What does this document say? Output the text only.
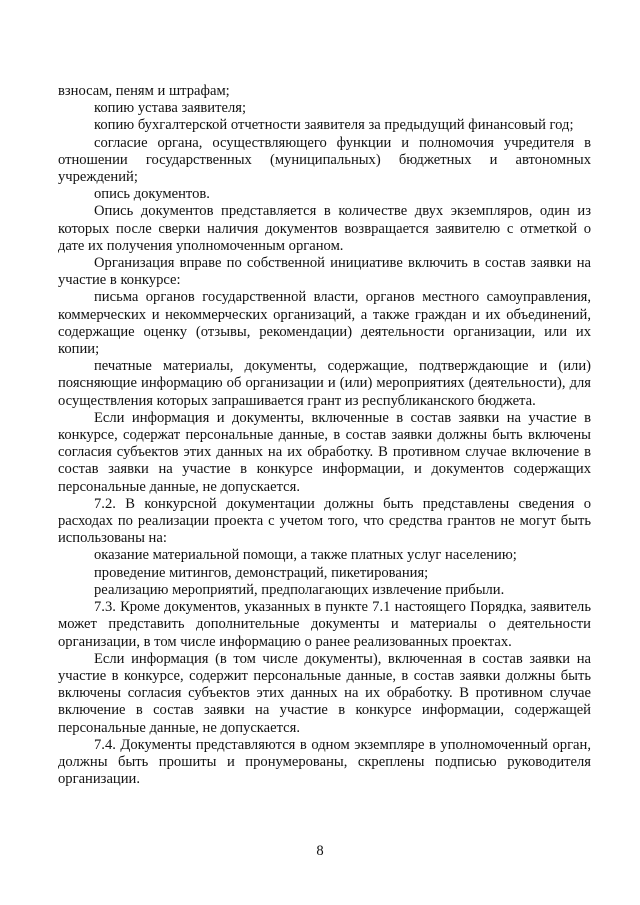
взносам, пеням и штрафам;

копию устава заявителя;

копию бухгалтерской отчетности заявителя за предыдущий финансовый год;

согласие органа, осуществляющего функции и полномочия учредителя в отношении государственных (муниципальных) бюджетных и автономных учреждений;

опись документов.

Опись документов представляется в количестве двух экземпляров, один из которых после сверки наличия документов возвращается заявителю с отметкой о дате их получения уполномоченным органом.

Организация вправе по собственной инициативе включить в состав заявки на участие в конкурсе:

письма органов государственной власти, органов местного самоуправления, коммерческих и некоммерческих организаций, а также граждан и их объединений, содержащие оценку (отзывы, рекомендации) деятельности организации, или их копии;

печатные материалы, документы, содержащие, подтверждающие и (или) поясняющие информацию об организации и (или) мероприятиях (деятельности), для осуществления которых запрашивается грант из республиканского бюджета.

Если информация и документы, включенные в состав заявки на участие в конкурсе, содержат персональные данные, в состав заявки должны быть включены согласия субъектов этих данных на их обработку. В противном случае включение в состав заявки на участие в конкурсе информации, и документов содержащих персональные данные, не допускается.

7.2. В конкурсной документации должны быть представлены сведения о расходах по реализации проекта с учетом того, что средства грантов не могут быть использованы на:

оказание материальной помощи, а также платных услуг населению;

проведение митингов, демонстраций, пикетирования;

реализацию мероприятий, предполагающих извлечение прибыли.

7.3. Кроме документов, указанных в пункте 7.1 настоящего Порядка, заявитель может представить дополнительные документы и материалы о деятельности организации, в том числе информацию о ранее реализованных проектах.

Если информация (в том числе документы), включенная в состав заявки на участие в конкурсе, содержит персональные данные, в состав заявки должны быть включены согласия субъектов этих данных на их обработку. В противном случае включение в состав заявки на участие в конкурсе информации, содержащей персональные данные, не допускается.

7.4. Документы представляются в одном экземпляре в уполномоченный орган, должны быть прошиты и пронумерованы, скреплены подписью руководителя организации.

8
